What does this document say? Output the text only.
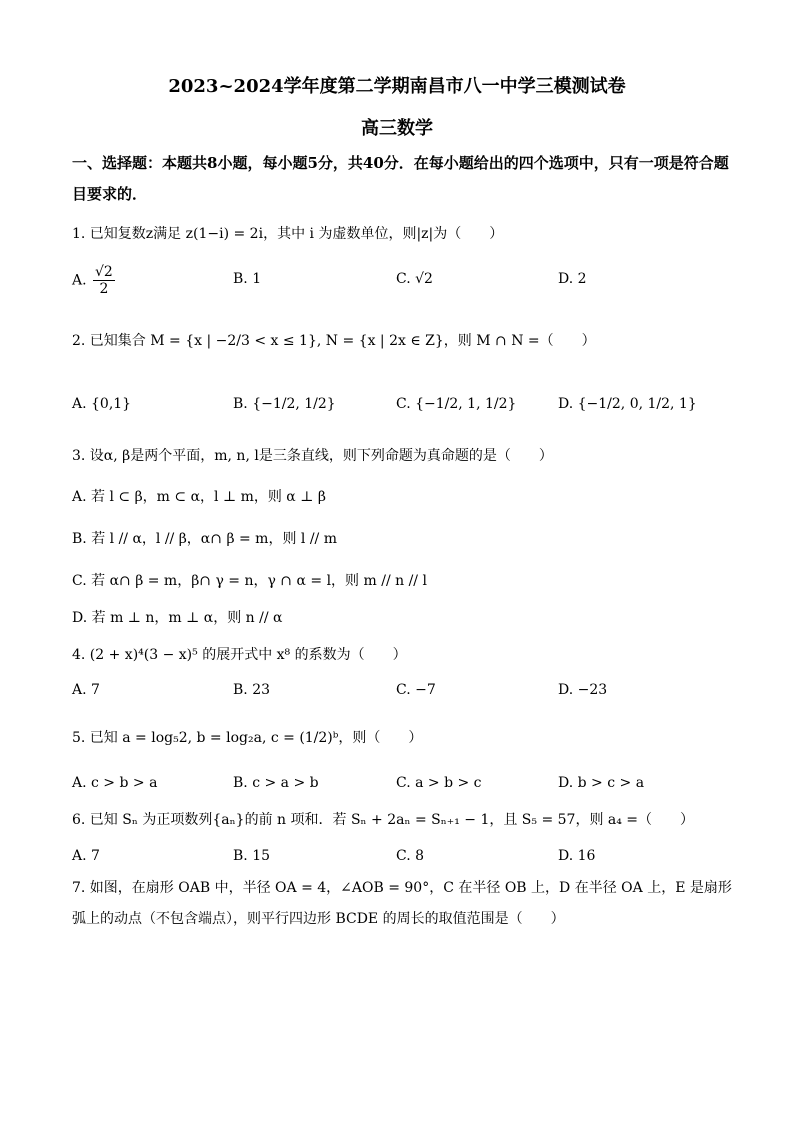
2023~2024学年度第二学期南昌市八一中学三模测试卷
高三数学
一、选择题：本题共8小题，每小题5分，共40分．在每小题给出的四个选项中，只有一项是符合题目要求的．
1. 已知复数z满足 z(1−i) = 2i，其中 i 为虚数单位，则|z|为（　　）
A. $\frac{√2}{2}$	B. 1	C. √2	D. 2
2. 已知集合 M = {x | −2/3 < x ≤ 1}, N = {x | 2x ∈ Z}，则 M ∩ N =（　　）
A. {0,1}	B. {−1/2, 1/2}	C. {−1/2, 1, 1/2}	D. {−1/2, 0, 1/2, 1}
3. 设α, β是两个平面，m, n, l是三条直线，则下列命题为真命题的是（　　）
A. 若 l ⊂ β，m ⊂ α，l ⊥ m，则 α ⊥ β
B. 若 l // α，l // β，α∩ β = m，则 l // m
C. 若 α∩ β = m，β∩ γ = n，γ ∩ α = l，则 m // n // l
D. 若 m ⊥ n，m ⊥ α，则 n // α
4. (2 + x)⁴(3 − x)⁵ 的展开式中 x⁸ 的系数为（　　）
A. 7	B. 23	C. −7	D. −23
5. 已知 a = log₅2, b = log₂a, c = (1/2)ᵇ，则（　　）
A. c > b > a	B. c > a > b	C. a > b > c	D. b > c > a
6. 已知 Sₙ 为正项数列{aₙ}的前 n 项和．若 Sₙ + 2aₙ = Sₙ₊₁ − 1，且 S₅ = 57，则 a₄ =（　　）
A. 7	B. 15	C. 8	D. 16
7. 如图，在扇形 OAB 中，半径 OA = 4，∠AOB = 90°，C 在半径 OB 上，D 在半径 OA 上，E 是扇形弧上的动点（不包含端点），则平行四边形 BCDE 的周长的取值范围是（　　）
